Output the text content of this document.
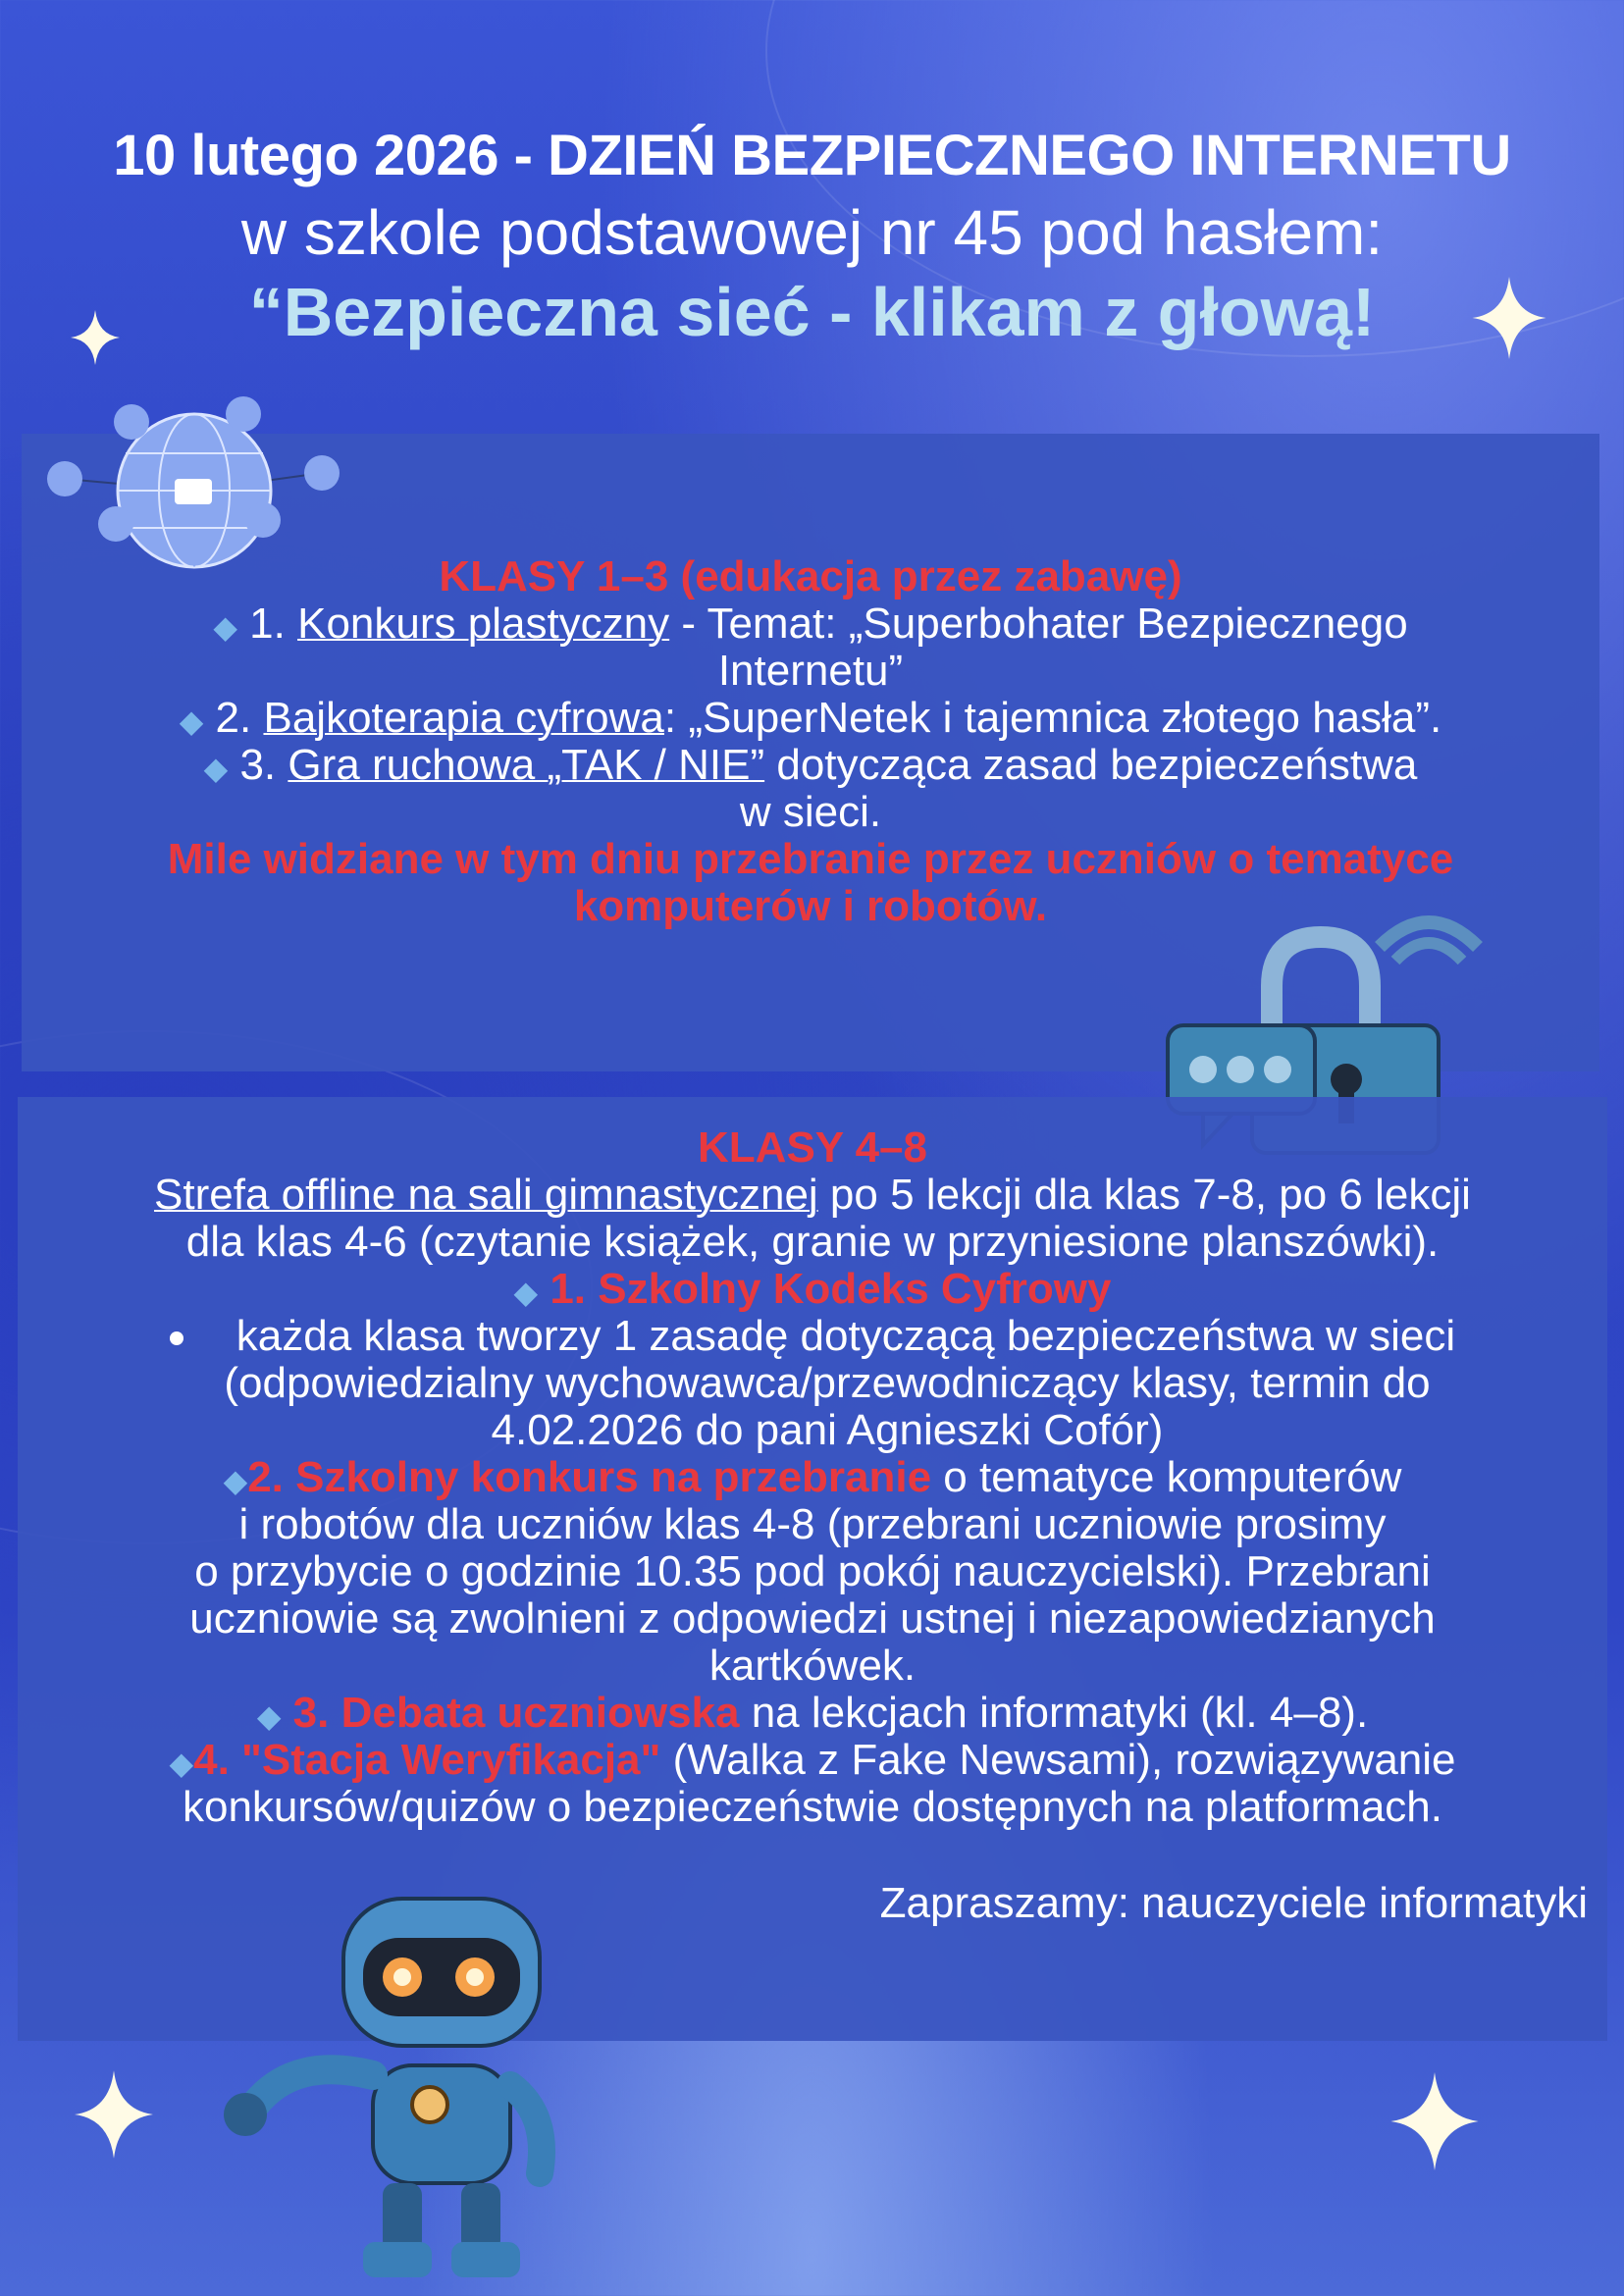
10 lutego 2026 - DZIEŃ BEZPIECZNEGO INTERNETU
w szkole podstawowej nr 45 pod hasłem:
“Bezpieczna sieć - klikam z głową!
KLASY 1–3 (edukacja przez zabawę)
◆ 1. Konkurs plastyczny - Temat: „Superbohater Bezpiecznego
Internetu”
◆ 2. Bajkoterapia cyfrowa: „SuperNetek i tajemnica złotego hasła”.
◆ 3. Gra ruchowa „TAK / NIE” dotycząca zasad bezpieczeństwa
w sieci.
Mile widziane w tym dniu przebranie przez uczniów o tematyce
komputerów i robotów.
KLASY 4–8
Strefa offline na sali gimnastycznej po 5 lekcji dla klas 7-8, po 6 lekcji
dla klas 4-6 (czytanie książek, granie w przyniesione planszówki).
◆ 1. Szkolny Kodeks Cyfrowy
każda klasa tworzy 1 zasadę dotyczącą bezpieczeństwa w sieci
(odpowiedzialny wychowawca/przewodniczący klasy, termin do
4.02.2026 do pani Agnieszki Cofór)
◆2. Szkolny konkurs na przebranie o tematyce komputerów
i robotów dla uczniów klas 4-8 (przebrani uczniowie prosimy
o przybycie o godzinie 10.35 pod pokój nauczycielski). Przebrani
uczniowie są zwolnieni z odpowiedzi ustnej i niezapowiedzianych
kartkówek.
◆ 3. Debata uczniowska na lekcjach informatyki (kl. 4–8).
◆4. "Stacja Weryfikacja" (Walka z Fake Newsami), rozwiązywanie
konkursów/quizów o bezpieczeństwie dostępnych na platformach.
Zapraszamy: nauczyciele informatyki
